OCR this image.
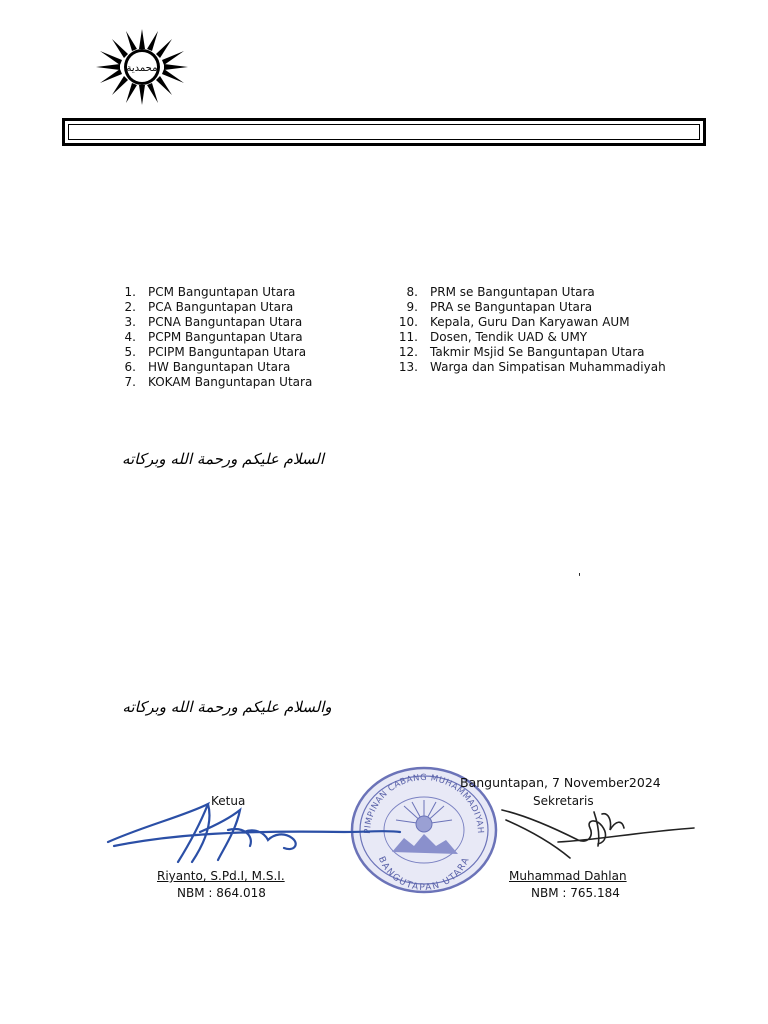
محمدية
1.	PCM Banguntapan Utara
2.	PCA Banguntapan Utara
3.	PCNA Banguntapan Utara
4.	PCPM Banguntapan Utara
5.	PCIPM Banguntapan Utara
6.	HW Banguntapan Utara
7.	KOKAM Banguntapan Utara
8.	PRM se Banguntapan Utara
9.	PRA se Banguntapan Utara
10.	Kepala, Guru Dan Karyawan AUM
11.	Dosen, Tendik UAD & UMY
12.	Takmir Msjid Se Banguntapan Utara
13.	Warga dan Simpatisan Muhammadiyah
السلام عليكم ورحمة الله وبركاته
'
والسلام عليكم ورحمة الله وبركاته
PIMPINAN CABANG MUHAMMADIYAH
BANGUTAPAN UTARA
Banguntapan, 7 November2024
Ketua	Sekretaris
Riyanto, S.Pd.I, M.S.I.	Muhammad Dahlan
NBM : 864.018	NBM : 765.184
